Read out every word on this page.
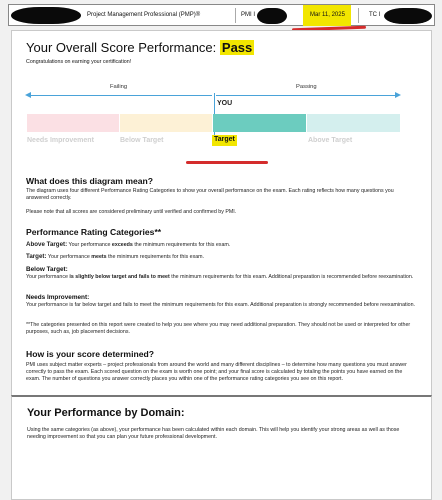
Project Management Professional (PMP)®	PMI I	Mar 11, 2025	TC I
Your Overall Score Performance: Pass
Congratulations on earning your certification!
Failing	Passing
YOU
Needs Improvement	Below Target	Target	Above Target
What does this diagram mean?
The diagram uses four different Performance Rating Categories to show your overall performance on the exam. Each rating reflects how many questions you answered correctly.
Please note that all scores are considered preliminary until verified and confirmed by PMI.
Performance Rating Categories**
Above Target: Your performance exceeds the minimum requirements for this exam.
Target: Your performance meets the minimum requirements for this exam.
Below Target:
Your performance is slightly below target and fails to meet the minimum requirements for this exam. Additional preparation is recommended before reexamination.
Needs Improvement:
Your performance is far below target and fails to meet the minimum requirements for this exam. Additional preparation is strongly recommended before reexamination.
**The categories presented on this report were created to help you see where you may need additional preparation. They should not be used or interpreted for other purposes, such as, job placement decisions.
How is your score determined?
PMI uses subject matter experts – project professionals from around the world and many different disciplines – to determine how many questions you must answer correctly to pass the exam. Each scored question on the exam is worth one point; and your final score is calculated by totaling the points you have earned on the exam. The number of questions you answer correctly places you within one of the performance rating categories you see on this report.
Your Performance by Domain:
Using the same categories (as above), your performance has been calculated within each domain. This will help you identify your strong areas as well as those needing improvement so that you can plan your future professional development.
